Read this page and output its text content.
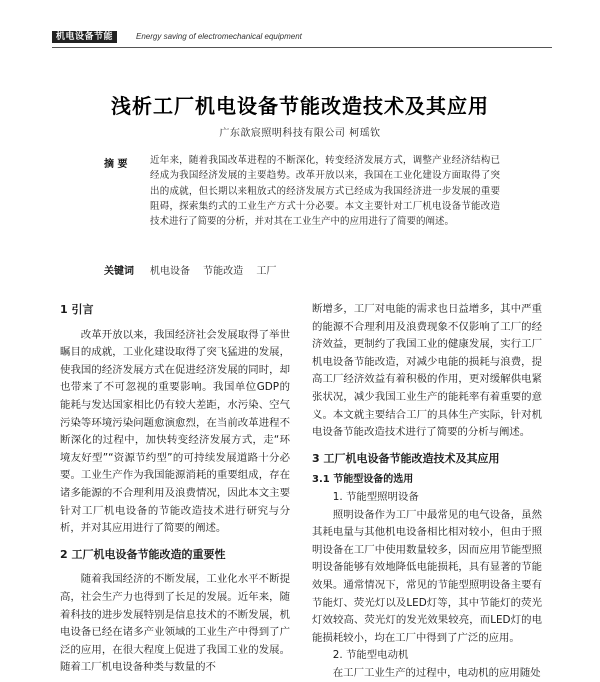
机电设备节能	Energy saving of electromechanical equipment
浅析工厂机电设备节能改造技术及其应用
广东歆宸照明科技有限公司 柯瑶钦
摘 要 近年来，随着我国改革进程的不断深化，转变经济发展方式，调整产业经济结构已经成为我国经济发展的主要趋势。改革开放以来，我国在工业化建设方面取得了突出的成就，但长期以来粗放式的经济发展方式已经成为我国经济进一步发展的重要阻碍，探索集约式的工业生产方式十分必要。本文主要针对工厂机电设备节能改造技术进行了简要的分析，并对其在工业生产中的应用进行了简要的阐述。
关键词 机电设备 节能改造 工厂

1 引言

改革开放以来，我国经济社会发展取得了举世瞩目的成就，工业化建设取得了突飞猛进的发展，使我国的经济发展方式在促进经济发展的同时，却也带来了不可忽视的重要影响。我国单位GDP的能耗与发达国家相比仍有较大差距，水污染、空气污染等环境污染问题愈演愈烈，在当前改革进程不断深化的过程中，加快转变经济发展方式，走“环境友好型”“资源节约型”的可持续发展道路十分必要。工业生产作为我国能源消耗的重要组成，存在诸多能源的不合理利用及浪费情况，因此本文主要针对工厂机电设备的节能改造技术进行研究与分析，并对其应用进行了简要的阐述。

2 工厂机电设备节能改造的重要性

随着我国经济的不断发展，工业化水平不断提高，社会生产力也得到了长足的发展。近年来，随着科技的进步发展特别是信息技术的不断发展，机电设备已经在诸多产业领域的工业生产中得到了广泛的应用，在很大程度上促进了我国工业的发展。随着工厂机电设备种类与数量的不

断增多，工厂对电能的需求也日益增多，其中严重的能源不合理利用及浪费现象不仅影响了工厂的经济效益，更制约了我国工业的健康发展，实行工厂机电设备节能改造，对减少电能的损耗与浪费，提高工厂经济效益有着积极的作用，更对缓解供电紧张状况，减少我国工业生产的能耗率有着重要的意义。本文就主要结合工厂的具体生产实际，针对机电设备节能改造技术进行了简要的分析与阐述。

3 工厂机电设备节能改造技术及其应用

3.1 节能型设备的选用

1. 节能型照明设备

照明设备作为工厂中最常见的电气设备，虽然其耗电量与其他机电设备相比相对较小，但由于照明设备在工厂中使用数量较多，因而应用节能型照明设备能够有效地降低电能损耗，具有显著的节能效果。通常情况下，常见的节能型照明设备主要有节能灯、荧光灯以及LED灯等，其中节能灯的荧光灯效较高、荧光灯的发光效果较亮，而LED灯的电能损耗较小，均在工厂中得到了广泛的应用。

2. 节能型电动机

在工厂工业生产的过程中，电动机的应用随处
